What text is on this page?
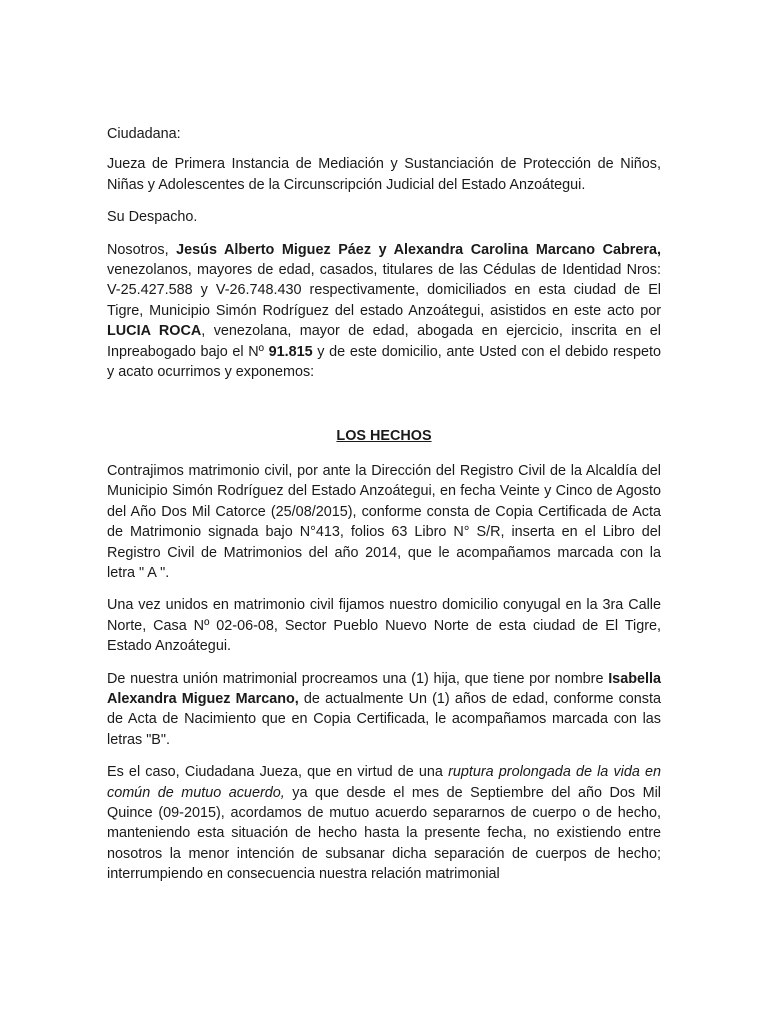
Ciudadana:

Jueza de Primera Instancia de Mediación y Sustanciación de Protección de Niños, Niñas y Adolescentes de la Circunscripción Judicial del Estado Anzoátegui.

Su Despacho.

Nosotros, Jesús Alberto Miguez Páez y Alexandra Carolina Marcano Cabrera, venezolanos, mayores de edad, casados, titulares de las Cédulas de Identidad Nros: V-25.427.588 y V-26.748.430 respectivamente, domiciliados en esta ciudad de El Tigre, Municipio Simón Rodríguez del estado Anzoátegui, asistidos en este acto por LUCIA ROCA, venezolana, mayor de edad, abogada en ejercicio, inscrita en el Inpreabogado bajo el Nº 91.815 y de este domicilio, ante Usted con el debido respeto y acato ocurrimos y exponemos:

LOS HECHOS

Contrajimos matrimonio civil, por ante la Dirección del Registro Civil de la Alcaldía del Municipio Simón Rodríguez del Estado Anzoátegui, en fecha Veinte y Cinco de Agosto del Año Dos Mil Catorce (25/08/2015), conforme consta de Copia Certificada de Acta de Matrimonio signada bajo N°413, folios 63 Libro N° S/R, inserta en el Libro del Registro Civil de Matrimonios del año 2014, que le acompañamos marcada con la letra " A ".

Una vez unidos en matrimonio civil fijamos nuestro domicilio conyugal en la 3ra Calle Norte, Casa Nº 02-06-08, Sector Pueblo Nuevo Norte de esta ciudad de El Tigre, Estado Anzoátegui.

De nuestra unión matrimonial procreamos una (1) hija, que tiene por nombre Isabella Alexandra Miguez Marcano, de actualmente Un (1) años de edad, conforme consta de Acta de Nacimiento que en Copia Certificada, le acompañamos marcada con las letras "B".

Es el caso, Ciudadana Jueza, que en virtud de una ruptura prolongada de la vida en común de mutuo acuerdo, ya que desde el mes de Septiembre del año Dos Mil Quince (09-2015), acordamos de mutuo acuerdo separarnos de cuerpo o de hecho, manteniendo esta situación de hecho hasta la presente fecha, no existiendo entre nosotros la menor intención de subsanar dicha separación de cuerpos de hecho; interrumpiendo en consecuencia nuestra relación matrimonial
